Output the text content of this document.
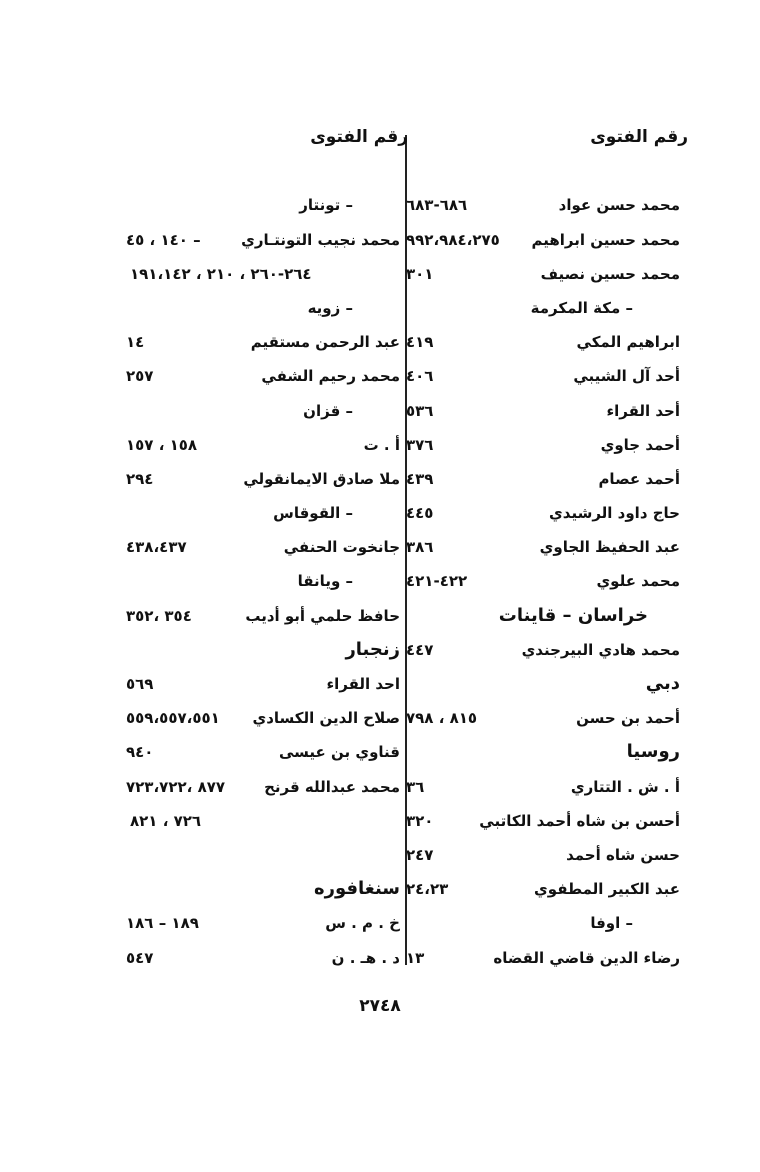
رقم الفتوى
محمد حسن عواد
٦٨٦-٦٨٣
محمد حسين ابراهيم
٩٩٢،٩٨٤،٢٧٥
محمد حسين نصيف
٣٠١
– مكة المكرمة
ابراهيم المكي
٤١٩
أحد آل الشيبي
٤٠٦
أحد القراء
٥٣٦
أحمد جاوي
٣٧٦
أحمد عصام
٤٣٩
حاج داود الرشيدي
٤٤٥
عبد الحفيظ الجاوي
٣٨٦
محمد علوي
٤٢٢-٤٢١
خراسان – قاينات
محمد هادي البيرجندي
٤٤٧
دبي
أحمد بن حسن
٨١٥ ، ٧٩٨
روسيا
أ . ش . التتاري
٣٦
أحسن بن شاه أحمد الكاتبي
٣٢٠
حسن شاه أحمد
٢٤٧
عبد الكبير المطفوي
٢٤،٢٣
– اوفا
رضاء الدين قاضي القضاه
١٣
رقم الفتوى
– تونتار
محمد نجيب التونتـاري
– ١٤٠ ، ٤٥
٢٦٤-٢٦٠ ، ٢١٠ ، ١٩١،١٤٢
– زويه
عبد الرحمن مستقيم
١٤
محمد رحيم الشفي
٢٥٧
– قزان
أ . ت
١٥٨ ، ١٥٧
ملا صادق الايمانقولي
٢٩٤
– القوقاس
جانخوت الحنفي
٤٣٨،٤٣٧
– ويانقا
حافظ حلمي أبو أديب
٣٥٤ ،٣٥٢
زنجبار
احد القراء
٥٦٩
صلاح الدين الكسادي
٥٥٩،٥٥٧،٥٥١
قناوي بن عيسى
٩٤٠
محمد عبدالله قرنح
٨٧٧ ،٧٢٣،٧٢٢
٧٢٦ ، ٨٢١
سنغافوره
خ . م . س
١٨٩ – ١٨٦
د . هـ . ن
٥٤٧
٢٧٤٨
